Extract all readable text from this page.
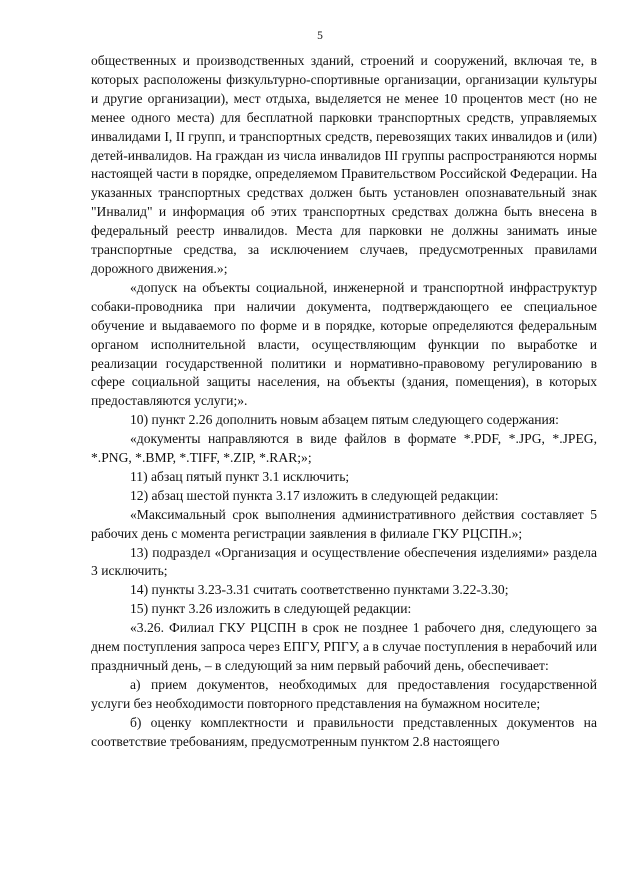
5

общественных и производственных зданий, строений и сооружений, включая те, в которых расположены физкультурно-спортивные организации, организации культуры и другие организации), мест отдыха, выделяется не менее 10 процентов мест (но не менее одного места) для бесплатной парковки транспортных средств, управляемых инвалидами I, II групп, и транспортных средств, перевозящих таких инвалидов и (или) детей-инвалидов. На граждан из числа инвалидов III группы распространяются нормы настоящей части в порядке, определяемом Правительством Российской Федерации. На указанных транспортных средствах должен быть установлен опознавательный знак "Инвалид" и информация об этих транспортных средствах должна быть внесена в федеральный реестр инвалидов. Места для парковки не должны занимать иные транспортные средства, за исключением случаев, предусмотренных правилами дорожного движения.»;

«допуск на объекты социальной, инженерной и транспортной инфраструктур собаки-проводника при наличии документа, подтверждающего ее специальное обучение и выдаваемого по форме и в порядке, которые определяются федеральным органом исполнительной власти, осуществляющим функции по выработке и реализации государственной политики и нормативно-правовому регулированию в сфере социальной защиты населения, на объекты (здания, помещения), в которых предоставляются услуги;».

10) пункт 2.26 дополнить новым абзацем пятым следующего содержания:

«документы направляются в виде файлов в формате *.PDF, *.JPG, *.JPEG, *.PNG, *.BMP, *.TIFF, *.ZIP, *.RAR;»;

11) абзац пятый пункт 3.1 исключить;

12) абзац шестой пункта 3.17 изложить в следующей редакции:

«Максимальный срок выполнения административного действия составляет 5 рабочих день с момента регистрации заявления в филиале ГКУ РЦСПН.»;

13) подраздел «Организация и осуществление обеспечения изделиями» раздела 3 исключить;

14) пункты 3.23-3.31 считать соответственно пунктами 3.22-3.30;

15) пункт 3.26 изложить в следующей редакции:

«3.26. Филиал ГКУ РЦСПН в срок не позднее 1 рабочего дня, следующего за днем поступления запроса через ЕПГУ, РПГУ, а в случае поступления в нерабочий или праздничный день, – в следующий за ним первый рабочий день, обеспечивает:

а) прием документов, необходимых для предоставления государственной услуги без необходимости повторного представления на бумажном носителе;

б) оценку комплектности и правильности представленных документов на соответствие требованиям, предусмотренным пунктом 2.8 настоящего
